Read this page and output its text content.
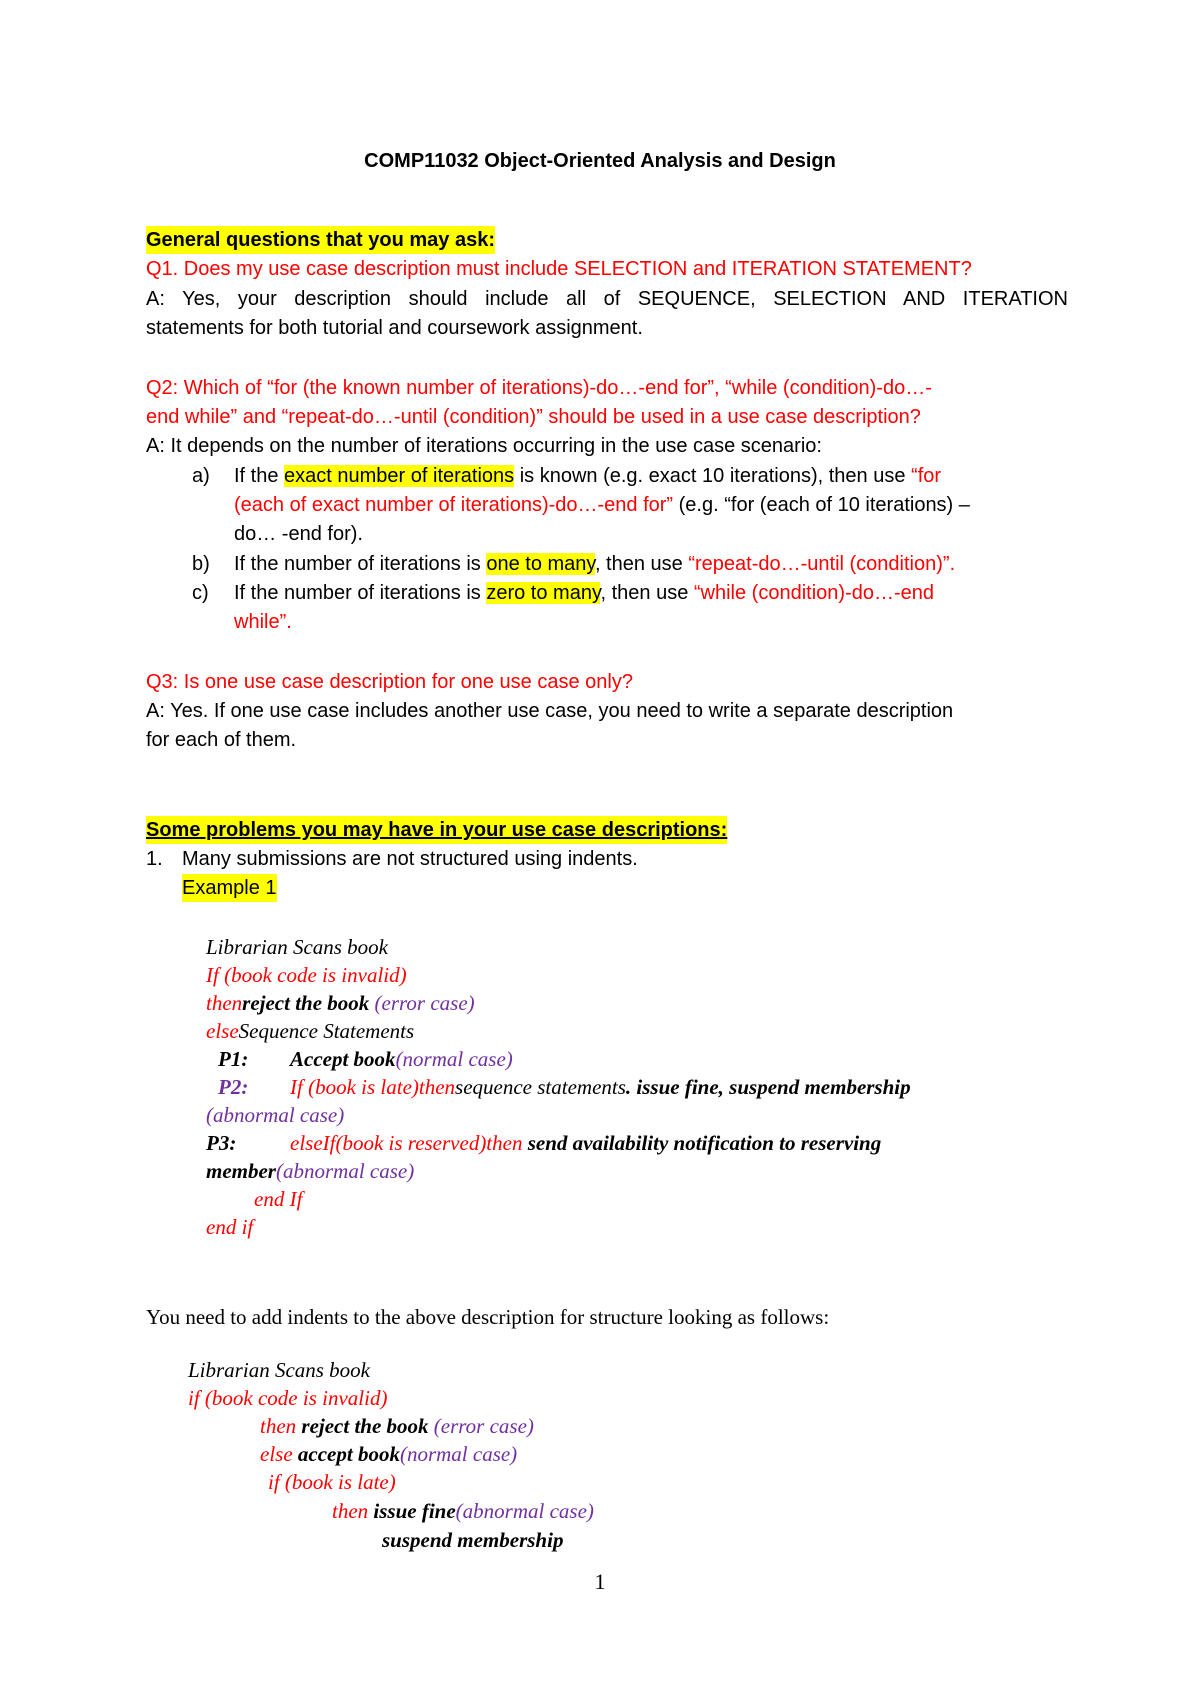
COMP11032 Object-Oriented Analysis and Design
General questions that you may ask:
Q1. Does my use case description must include SELECTION and ITERATION STATEMENT?
A: Yes, your description should include all of SEQUENCE, SELECTION AND ITERATION
statements for both tutorial and coursework assignment.
Q2: Which of “for (the known number of iterations)-do…-end for”, “while (condition)-do…-
end while” and “repeat-do…-until (condition)” should be used in a use case description?
A: It depends on the number of iterations occurring in the use case scenario:
a) If the exact number of iterations is known (e.g. exact 10 iterations), then use “for
(each of exact number of iterations)-do…-end for” (e.g. “for (each of 10 iterations) –
do… -end for).
b) If the number of iterations is one to many, then use “repeat-do…-until (condition)”.
c) If the number of iterations is zero to many, then use “while (condition)-do…-end
while”.
Q3: Is one use case description for one use case only?
A: Yes. If one use case includes another use case, you need to write a separate description
for each of them.
Some problems you may have in your use case descriptions:
1. Many submissions are not structured using indents.
Example 1
Librarian Scans book
If (book code is invalid)
thenreject the book (error case)
elseSequence Statements
P1: Accept book(normal case)
P2: If (book is late)thensequence statements. issue fine, suspend membership
(abnormal case)
P3:	elseIf(book is reserved)then send availability notification to reserving
member(abnormal case)
end If
end if
You need to add indents to the above description for structure looking as follows:
Librarian Scans book
if (book code is invalid)
then reject the book (error case)
else accept book(normal case)
if (book is late)
then issue fine(abnormal case)
suspend membership
1
